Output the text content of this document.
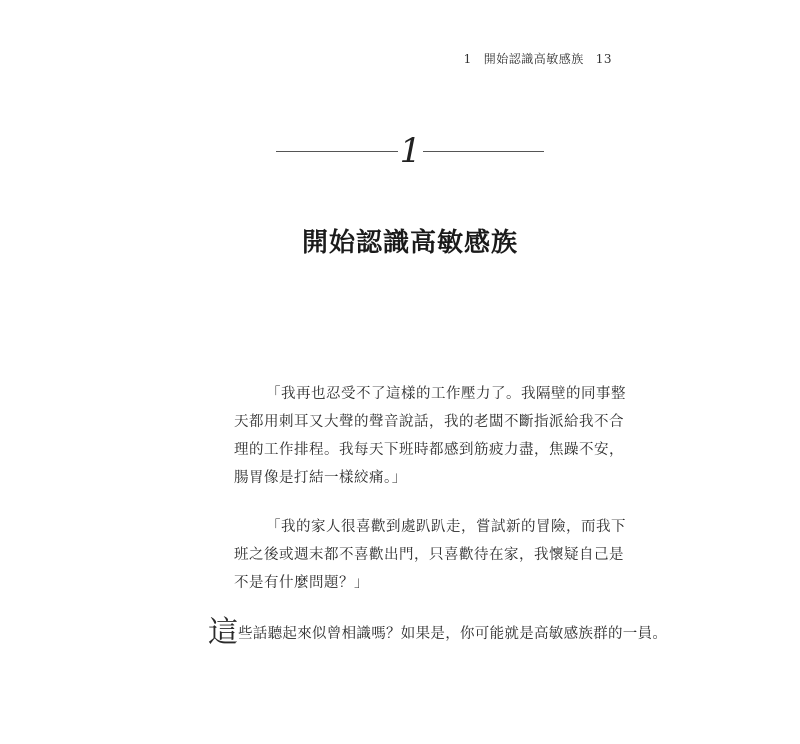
1 開始認識高敏感族 13
1
開始認識高敏感族
「我再也忍受不了這樣的工作壓力了。我隔壁的同事整
天都用刺耳又大聲的聲音說話，我的老闆不斷指派給我不合
理的工作排程。我每天下班時都感到筋疲力盡，焦躁不安，
腸胃像是打結一樣絞痛。」
「我的家人很喜歡到處趴趴走，嘗試新的冒險，而我下
班之後或週末都不喜歡出門，只喜歡待在家，我懷疑自己是
不是有什麼問題？」
這些話聽起來似曾相識嗎？如果是，你可能就是高敏感族群的一員。
